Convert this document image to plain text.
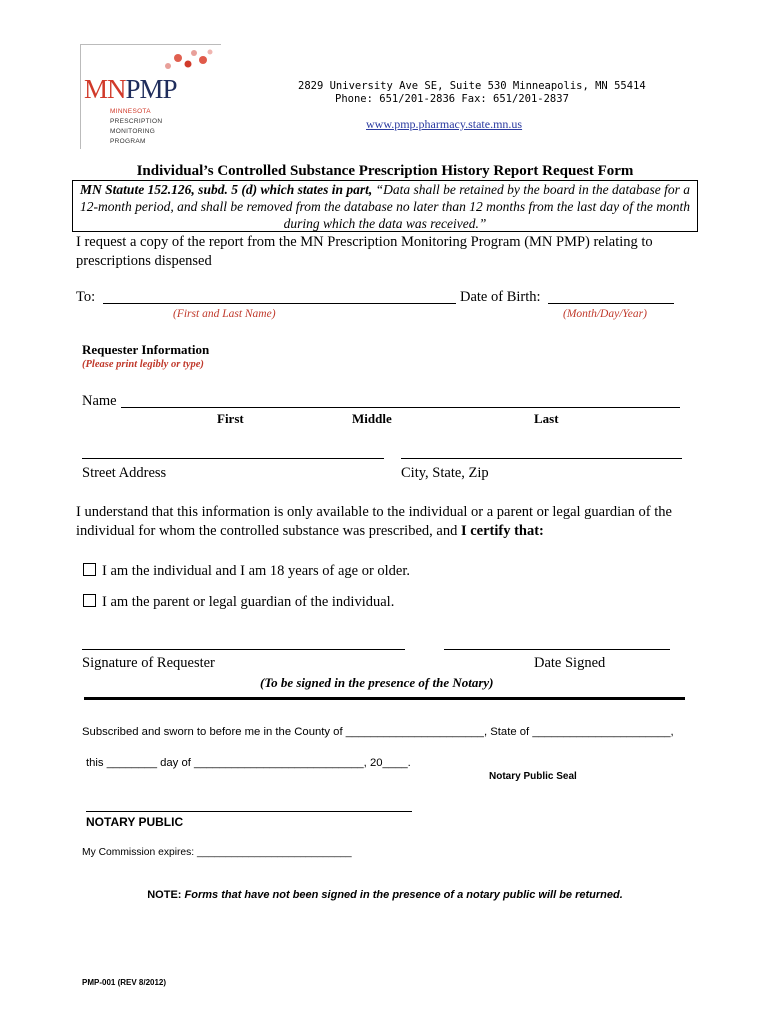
MNPMP
MINNESOTA
PRESCRIPTION
MONITORING
PROGRAM
2829 University Ave SE, Suite 530 Minneapolis, MN 55414
Phone: 651/201-2836 Fax: 651/201-2837
www.pmp.pharmacy.state.mn.us
Individual’s Controlled Substance Prescription History Report Request Form
MN Statute 152.126, subd. 5 (d) which states in part, “Data shall be retained by the board in the database for a 12-month period, and shall be removed from the database no later than 12 months from the last day of the month during which the data was received.”
I request a copy of the report from the MN Prescription Monitoring Program (MN PMP) relating to prescriptions dispensed
To:	Date of Birth:
(First and Last Name)	(Month/Day/Year)
Requester Information
(Please print legibly or type)
Name
First	Middle	Last
Street Address	City, State, Zip
I understand that this information is only available to the individual or a parent or legal guardian of the individual for whom the controlled substance was prescribed, and I certify that:
I am the individual and I am 18 years of age or older.
I am the parent or legal guardian of the individual.
Signature of Requester	Date Signed
(To be signed in the presence of the Notary)
Subscribed and sworn to before me in the County of ______________________, State of ______________________,
this ________ day of ___________________________, 20____.
Notary Public Seal
NOTARY PUBLIC
My Commission expires: ___________________________
NOTE: Forms that have not been signed in the presence of a notary public will be returned.
PMP-001 (REV 8/2012)
